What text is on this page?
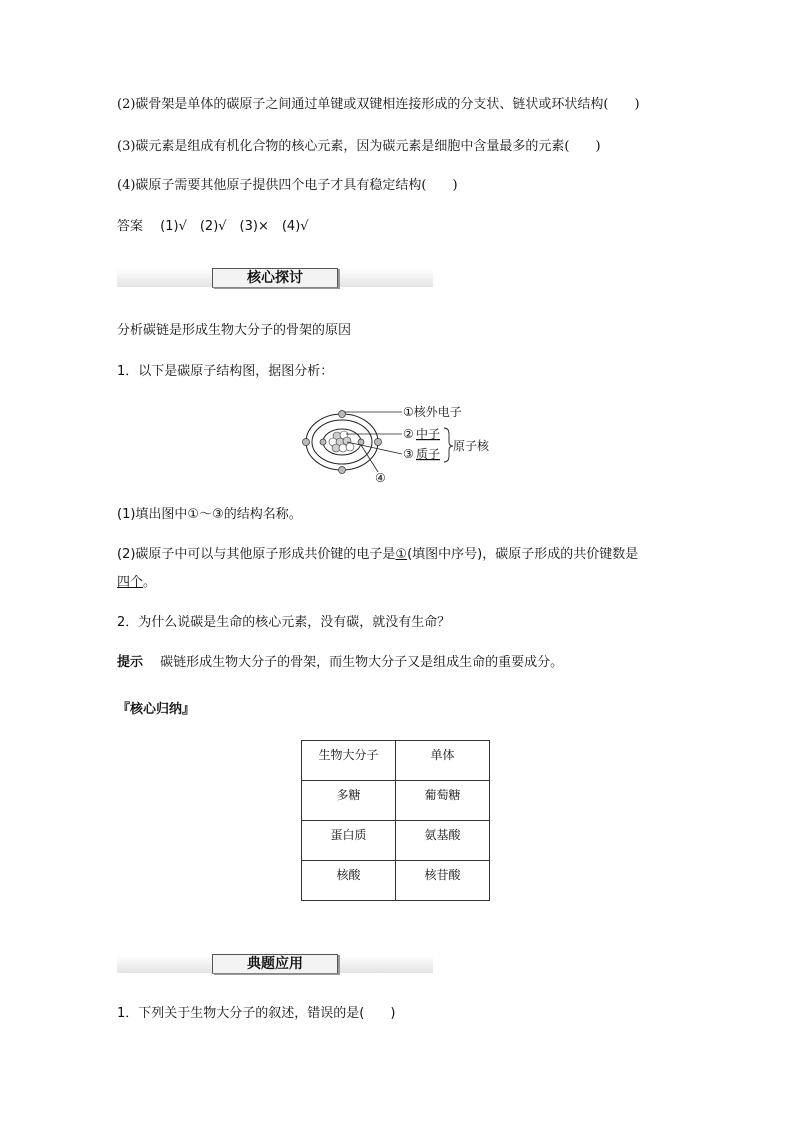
(2)碳骨架是单体的碳原子之间通过单键或双键相连接形成的分支状、链状或环状结构(　　)
(3)碳元素是组成有机化合物的核心元素，因为碳元素是细胞中含量最多的元素(　　)
(4)碳原子需要其他原子提供四个电子才具有稳定结构(　　)
答案　 (1)√　(2)√　(3)×　(4)√
核心探讨
分析碳链是形成生物大分子的骨架的原因
1．以下是碳原子结构图，据图分析：
①核外电子
② 中子
③ 质子
原子核
④
(1)填出图中①～③的结构名称。
(2)碳原子中可以与其他原子形成共价键的电子是①(填图中序号)，碳原子形成的共价键数是
四个。
2．为什么说碳是生命的核心元素，没有碳，就没有生命？
提示　 碳链形成生物大分子的骨架，而生物大分子又是组成生命的重要成分。
『核心归纳』
生物大分子	单体
多糖	葡萄糖
蛋白质	氨基酸
核酸	核苷酸
典题应用
1．下列关于生物大分子的叙述，错误的是(　　)
